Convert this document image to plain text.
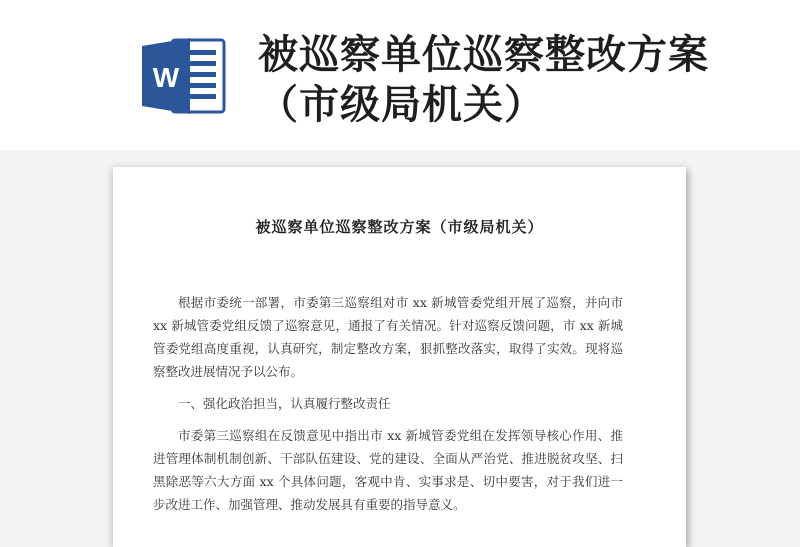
W 被巡察单位巡察整改方案（市级局机关）
被巡察单位巡察整改方案（市级局机关）

根据市委统一部署，市委第三巡察组对市 xx 新城管委党组开展了巡察，并向市 xx 新城管委党组反馈了巡察意见，通报了有关情况。针对巡察反馈问题，市 xx 新城管委党组高度重视，认真研究，制定整改方案，狠抓整改落实，取得了实效。现将巡察整改进展情况予以公布。

一、强化政治担当，认真履行整改责任

市委第三巡察组在反馈意见中指出市 xx 新城管委党组在发挥领导核心作用、推进管理体制机制创新、干部队伍建设、党的建设、全面从严治党、推进脱贫攻坚、扫黑除恶等六大方面 xx 个具体问题，客观中肯、实事求是、切中要害，对于我们进一步改进工作、加强管理、推动发展具有重要的指导意义。
